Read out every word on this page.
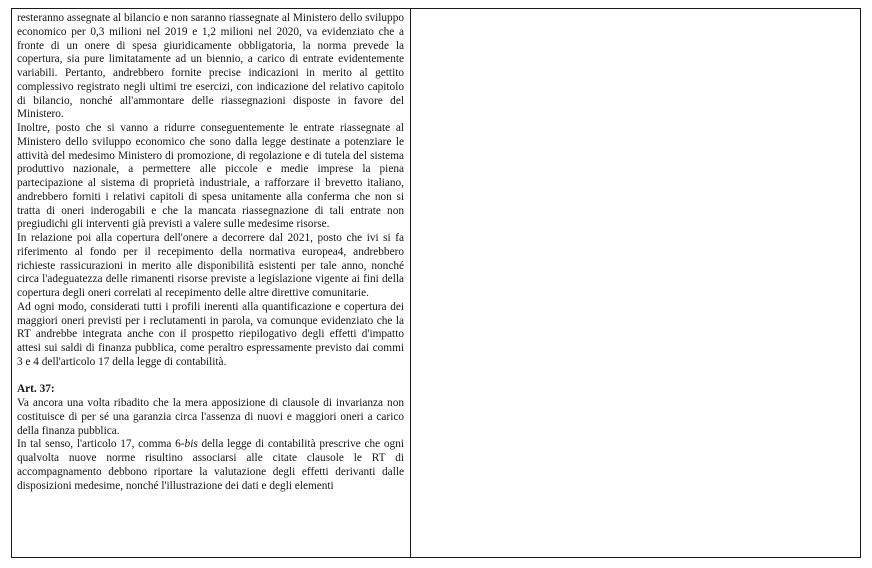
resteranno assegnate al bilancio e non saranno riassegnate al Ministero dello sviluppo economico per 0,3 milioni nel 2019 e 1,2 milioni nel 2020, va evidenziato che a fronte di un onere di spesa giuridicamente obbligatoria, la norma prevede la copertura, sia pure limitatamente ad un biennio, a carico di entrate evidentemente variabili. Pertanto, andrebbero fornite precise indicazioni in merito al gettito complessivo registrato negli ultimi tre esercizi, con indicazione del relativo capitolo di bilancio, nonché all'ammontare delle riassegnazioni disposte in favore del Ministero.

Inoltre, posto che si vanno a ridurre conseguentemente le entrate riassegnate al Ministero dello sviluppo economico che sono dalla legge destinate a potenziare le attività del medesimo Ministero di promozione, di regolazione e di tutela del sistema produttivo nazionale, a permettere alle piccole e medie imprese la piena partecipazione al sistema di proprietà industriale, a rafforzare il brevetto italiano, andrebbero forniti i relativi capitoli di spesa unitamente alla conferma che non si tratta di oneri inderogabili e che la mancata riassegnazione di tali entrate non pregiudichi gli interventi già previsti a valere sulle medesime risorse.

In relazione poi alla copertura dell'onere a decorrere dal 2021, posto che ivi si fa riferimento al fondo per il recepimento della normativa europea4, andrebbero richieste rassicurazioni in merito alle disponibilità esistenti per tale anno, nonché circa l'adeguatezza delle rimanenti risorse previste a legislazione vigente ai fini della copertura degli oneri correlati al recepimento delle altre direttive comunitarie.

Ad ogni modo, considerati tutti i profili inerenti alla quantificazione e copertura dei maggiori oneri previsti per i reclutamenti in parola, va comunque evidenziato che la RT andrebbe integrata anche con il prospetto riepilogativo degli effetti d'impatto attesi sui saldi di finanza pubblica, come peraltro espressamente previsto dai commi 3 e 4 dell'articolo 17 della legge di contabilità.

Art. 37:

Va ancora una volta ribadito che la mera apposizione di clausole di invarianza non costituisce di per sé una garanzia circa l'assenza di nuovi e maggiori oneri a carico della finanza pubblica.

In tal senso, l'articolo 17, comma 6-bis della legge di contabilità prescrive che ogni qualvolta nuove norme risultino associarsi alle citate clausole le RT di accompagnamento debbono riportare la valutazione degli effetti derivanti dalle disposizioni medesime, nonché l'illustrazione dei dati e degli elementi
